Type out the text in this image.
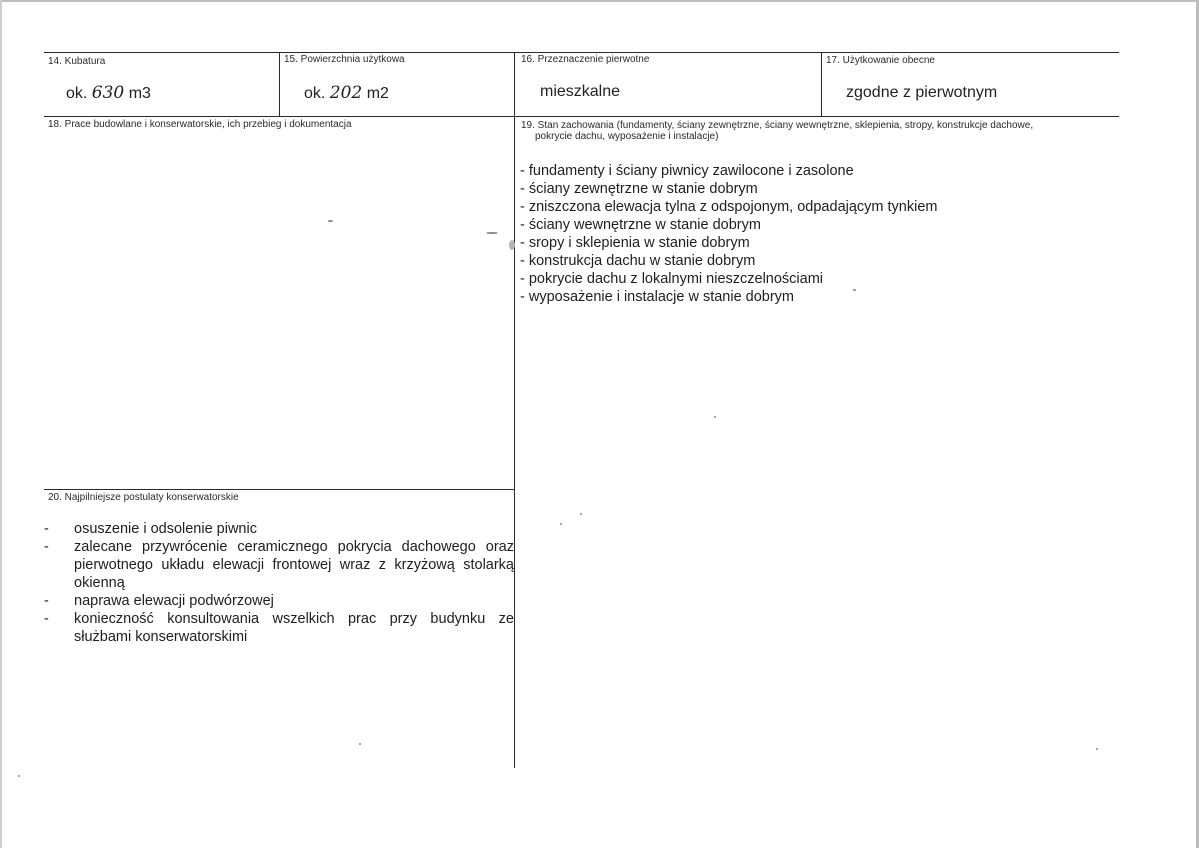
14. Kubatura
ok. 630 m3
15. Powierzchnia użytkowa
ok. 202 m2
16. Przeznaczenie pierwotne
mieszkalne
17. Użytkowanie obecne
zgodne z pierwotnym
18. Prace budowlane i konserwatorskie, ich przebieg i dokumentacja	19. Stan zachowania (fundamenty, ściany zewnętrzne, ściany wewnętrzne, sklepienia, stropy, konstrukcje dachowe,
pokrycie dachu, wyposażenie i instalacje)
- fundamenty i ściany piwnicy zawilocone i zasolone
- ściany zewnętrzne w stanie dobrym
- zniszczona elewacja tylna z odspojonym, odpadającym tynkiem
- ściany wewnętrzne w stanie dobrym
- sropy i sklepienia w stanie dobrym
- konstrukcja dachu w stanie dobrym
- pokrycie dachu z lokalnymi nieszczelnościami
- wyposażenie i instalacje w stanie dobrym
20. Najpilniejsze postulaty konserwatorskie
-	osuszenie i odsolenie piwnic
-	zalecane przywrócenie ceramicznego pokrycia dachowego oraz pierwotnego układu elewacji frontowej wraz z krzyżową stolarką okienną
-	naprawa elewacji podwórzowej
-	konieczność konsultowania wszelkich prac przy budynku ze służbami konserwatorskimi
